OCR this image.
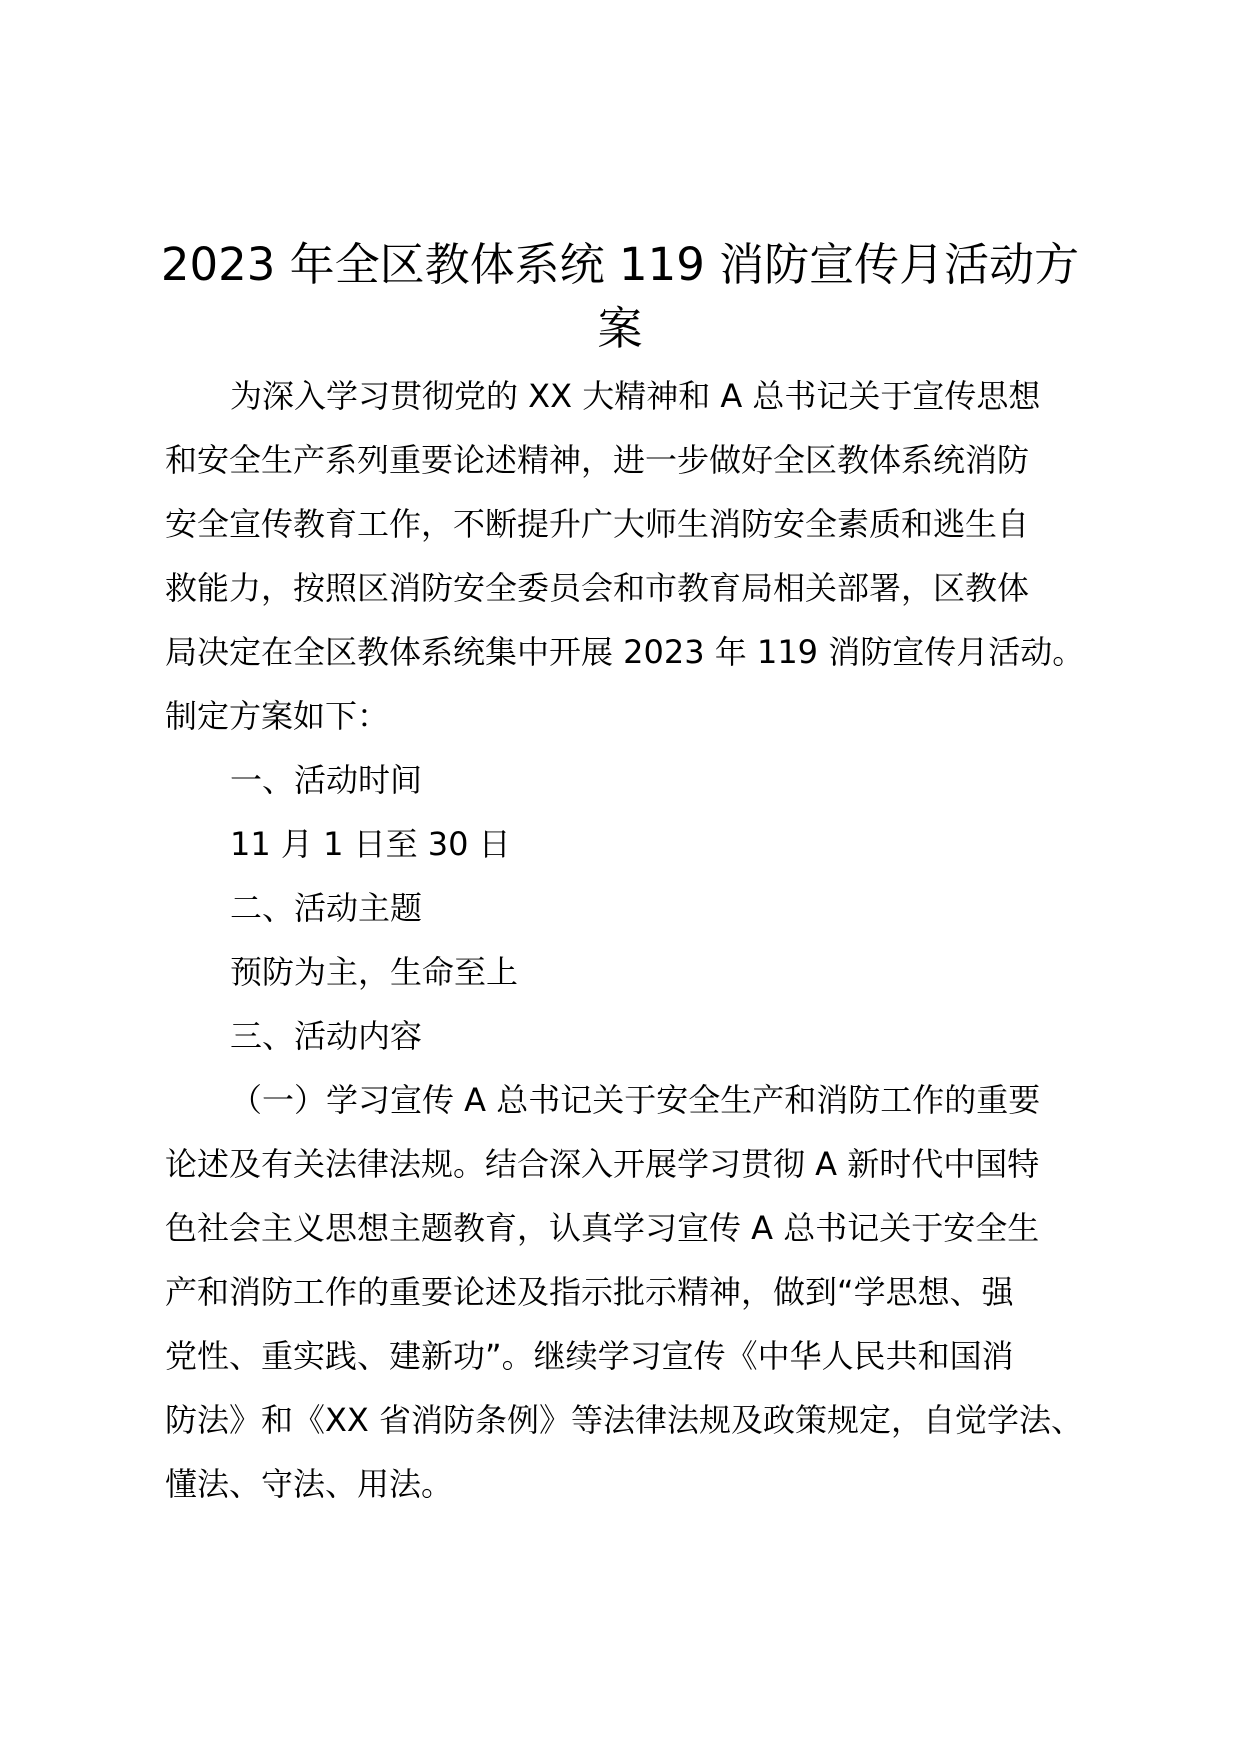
2023 年全区教体系统 119 消防宣传月活动方
案

为深入学习贯彻党的 XX 大精神和 A 总书记关于宣传思想

和安全生产系列重要论述精神，进一步做好全区教体系统消防

安全宣传教育工作，不断提升广大师生消防安全素质和逃生自

救能力，按照区消防安全委员会和市教育局相关部署，区教体

局决定在全区教体系统集中开展 2023 年 119 消防宣传月活动。

制定方案如下：

一、活动时间

11 月 1 日至 30 日

二、活动主题

预防为主，生命至上

三、活动内容

（一）学习宣传 A 总书记关于安全生产和消防工作的重要

论述及有关法律法规。结合深入开展学习贯彻 A 新时代中国特

色社会主义思想主题教育，认真学习宣传 A 总书记关于安全生

产和消防工作的重要论述及指示批示精神，做到“学思想、强

党性、重实践、建新功”。继续学习宣传《中华人民共和国消

防法》和《XX 省消防条例》等法律法规及政策规定，自觉学法、

懂法、守法、用法。
